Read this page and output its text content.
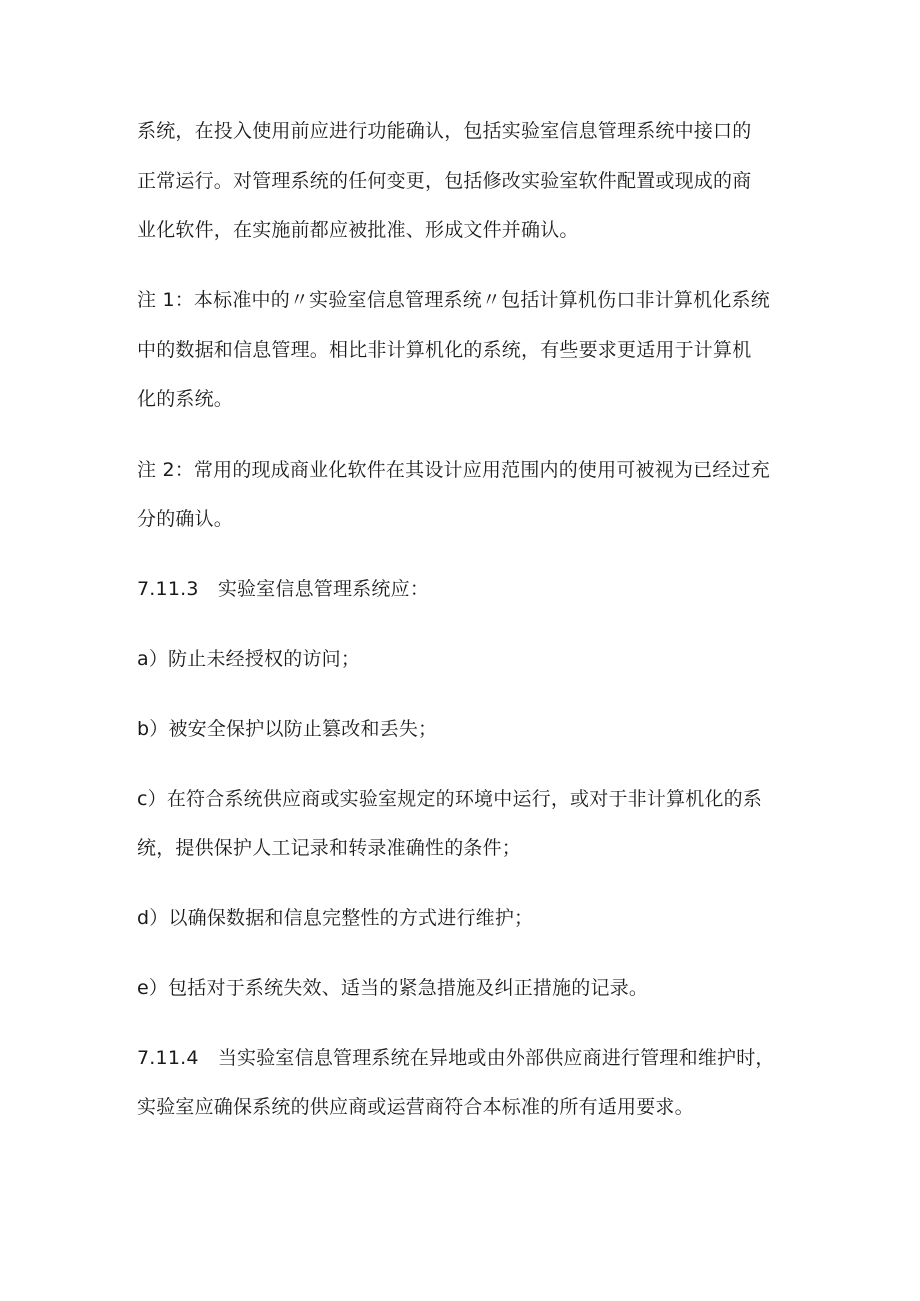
系统，在投入使用前应进行功能确认，包括实验室信息管理系统中接口的
正常运行。对管理系统的任何变更，包括修改实验室软件配置或现成的商
业化软件，在实施前都应被批准、形成文件并确认。
注 1：本标准中的〃实验室信息管理系统〃包括计算机伤口非计算机化系统
中的数据和信息管理。相比非计算机化的系统，有些要求更适用于计算机
化的系统。
注 2：常用的现成商业化软件在其设计应用范围内的使用可被视为已经过充
分的确认。
7.11.3　实验室信息管理系统应：
a）防止未经授权的访问；
b）被安全保护以防止篡改和丢失；
c）在符合系统供应商或实验室规定的环境中运行，或对于非计算机化的系
统，提供保护人工记录和转录准确性的条件；
d）以确保数据和信息完整性的方式进行维护；
e）包括对于系统失效、适当的紧急措施及纠正措施的记录。
7.11.4　当实验室信息管理系统在异地或由外部供应商进行管理和维护时，
实验室应确保系统的供应商或运营商符合本标准的所有适用要求。
